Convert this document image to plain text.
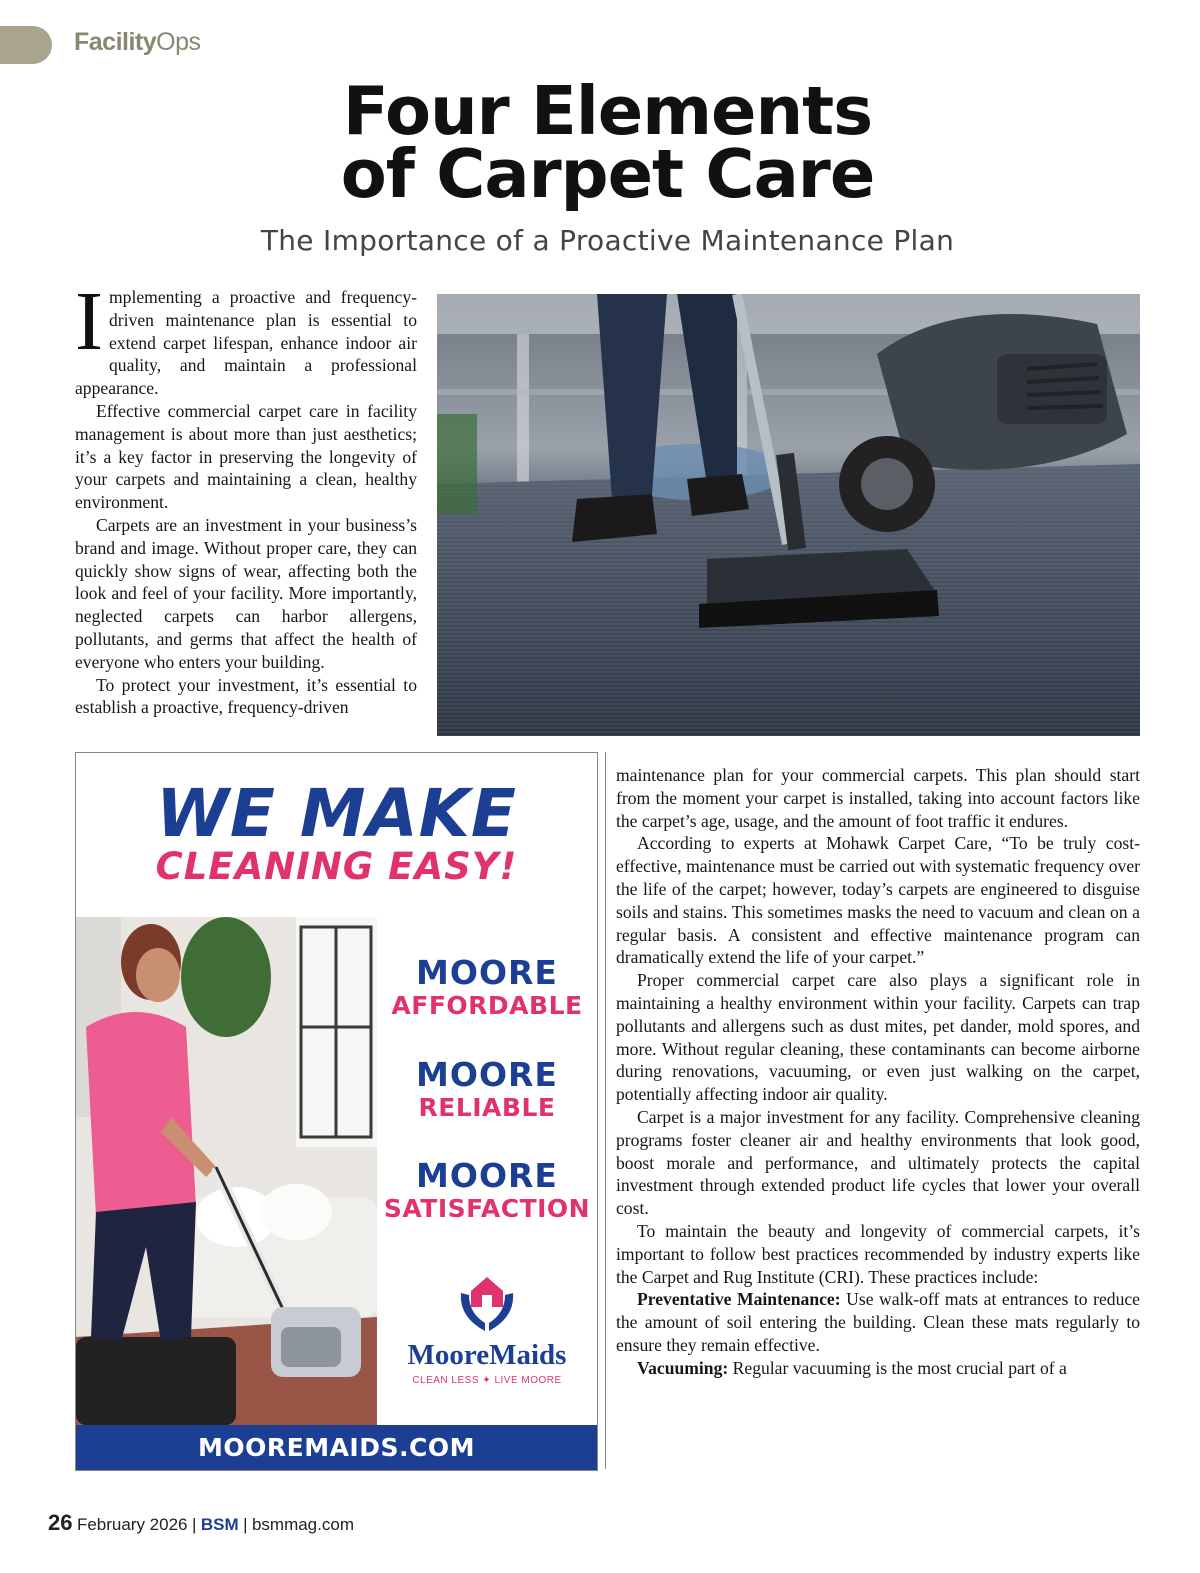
FacilityOps
Four Elements
of Carpet Care
The Importance of a Proactive Maintenance Plan

Implementing a proactive and frequency-driven maintenance plan is essential to extend carpet lifespan, enhance indoor air quality, and maintain a professional appearance.

Effective commercial carpet care in facility management is about more than just aesthetics; it’s a key factor in preserving the longevity of your carpets and maintaining a clean, healthy environment.

Carpets are an investment in your business’s brand and image. Without proper care, they can quickly show signs of wear, affecting both the look and feel of your facility. More importantly, neglected carpets can harbor allergens, pollutants, and germs that affect the health of everyone who enters your building.

To protect your investment, it’s essential to establish a proactive, frequency-driven

WE MAKE
CLEANING EASY!
MOORE
AFFORDABLE
MOORE
RELIABLE
MOORE
SATISFACTION
MooreMaids
CLEAN LESS ✦ LIVE MOORE
MOOREMAIDS.COM

maintenance plan for your commercial carpets. This plan should start from the moment your carpet is installed, taking into account factors like the carpet’s age, usage, and the amount of foot traffic it endures.

According to experts at Mohawk Carpet Care, “To be truly cost-effective, maintenance must be carried out with systematic frequency over the life of the carpet; however, today’s carpets are engineered to disguise soils and stains. This sometimes masks the need to vacuum and clean on a regular basis. A consistent and effective maintenance program can dramatically extend the life of your carpet.”

Proper commercial carpet care also plays a significant role in maintaining a healthy environment within your facility. Carpets can trap pollutants and allergens such as dust mites, pet dander, mold spores, and more. Without regular cleaning, these contaminants can become airborne during renovations, vacuuming, or even just walking on the carpet, potentially affecting indoor air quality.

Carpet is a major investment for any facility. Comprehensive cleaning programs foster cleaner air and healthy environments that look good, boost morale and performance, and ultimately protects the capital investment through extended product life cycles that lower your overall cost.

To maintain the beauty and longevity of commercial carpets, it’s important to follow best practices recommended by industry experts like the Carpet and Rug Institute (CRI). These practices include:

Preventative Maintenance: Use walk-off mats at entrances to reduce the amount of soil entering the building. Clean these mats regularly to ensure they remain effective.

Vacuuming: Regular vacuuming is the most crucial part of a

26 February 2026 | BSM | bsmmag.com
